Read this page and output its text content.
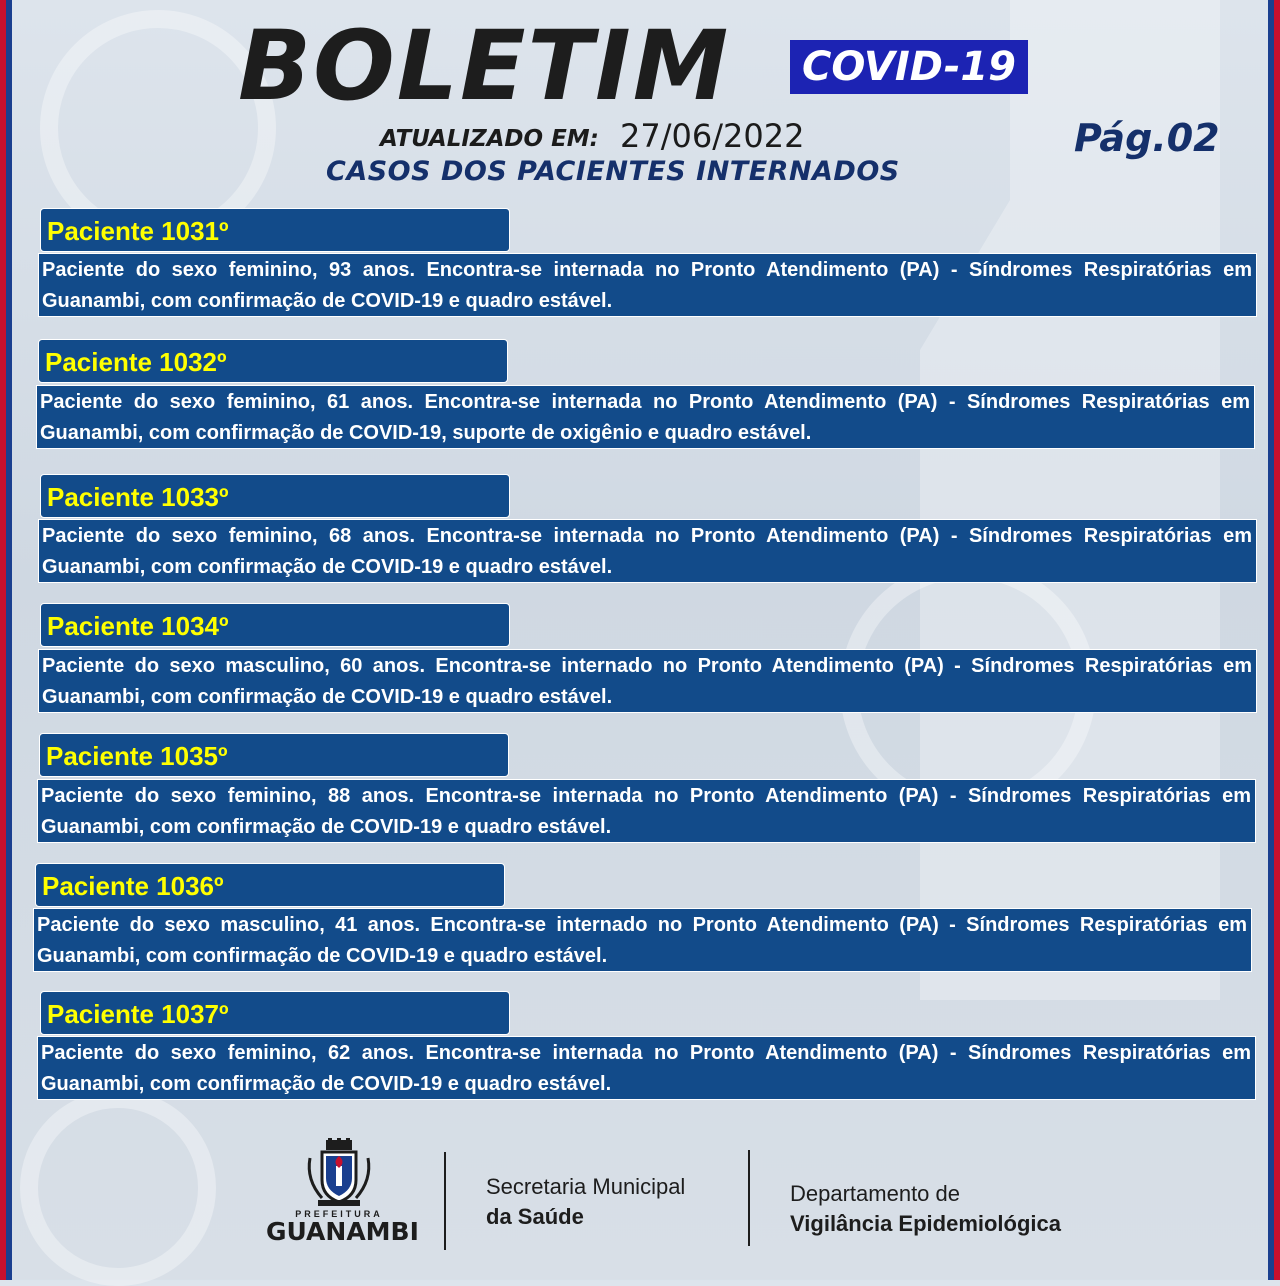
BOLETIM	COVID-19
ATUALIZADO EM: 27/06/2022
CASOS DOS PACIENTES INTERNADOS
Pág.02
Paciente 1031º
Paciente do sexo feminino, 93 anos. Encontra-se internada no Pronto Atendimento (PA) - Síndromes Respiratórias em Guanambi, com confirmação de COVID-19 e quadro estável.
Paciente 1032º
Paciente do sexo feminino, 61 anos. Encontra-se internada no Pronto Atendimento (PA) - Síndromes Respiratórias em Guanambi, com confirmação de COVID-19, suporte de oxigênio e quadro estável.
Paciente 1033º
Paciente do sexo feminino, 68 anos. Encontra-se internada no Pronto Atendimento (PA) - Síndromes Respiratórias em Guanambi, com confirmação de COVID-19 e quadro estável.
Paciente 1034º
Paciente do sexo masculino, 60 anos. Encontra-se internado no Pronto Atendimento (PA) - Síndromes Respiratórias em Guanambi, com confirmação de COVID-19 e quadro estável.
Paciente 1035º
Paciente do sexo feminino, 88 anos. Encontra-se internada no Pronto Atendimento (PA) - Síndromes Respiratórias em Guanambi, com confirmação de COVID-19 e quadro estável.
Paciente 1036º
Paciente do sexo masculino, 41 anos. Encontra-se internado no Pronto Atendimento (PA) - Síndromes Respiratórias em Guanambi, com confirmação de COVID-19 e quadro estável.
Paciente 1037º
Paciente do sexo feminino, 62 anos. Encontra-se internada no Pronto Atendimento (PA) - Síndromes Respiratórias em Guanambi, com confirmação de COVID-19 e quadro estável.
PREFEITURA
GUANAMBI
Secretaria Municipal
da Saúde
Departamento de
Vigilância Epidemiológica
